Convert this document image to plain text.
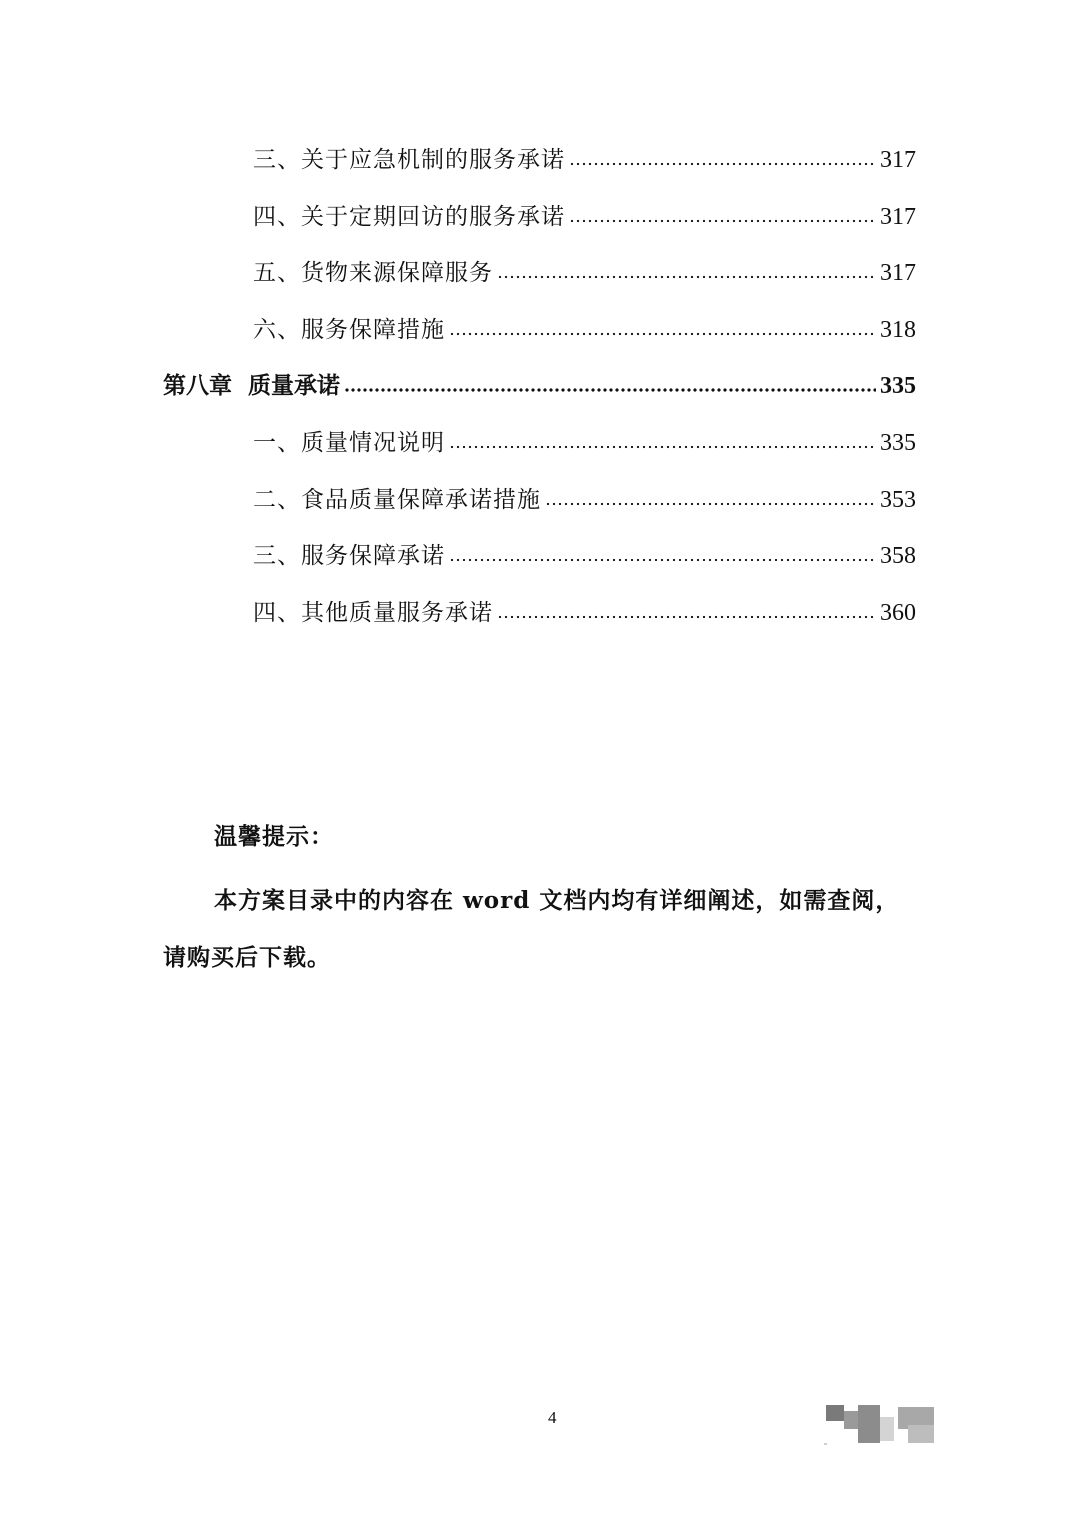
三、关于应急机制的服务承诺	317
四、关于定期回访的服务承诺	317
五、货物来源保障服务	317
六、服务保障措施	318
第八章  质量承诺	335
一、质量情况说明	335
二、食品质量保障承诺措施	353
三、服务保障承诺	358
四、其他质量服务承诺	360
温馨提示：
本方案目录中的内容在 word 文档内均有详细阐述，如需查阅，请购买后下载。
4
